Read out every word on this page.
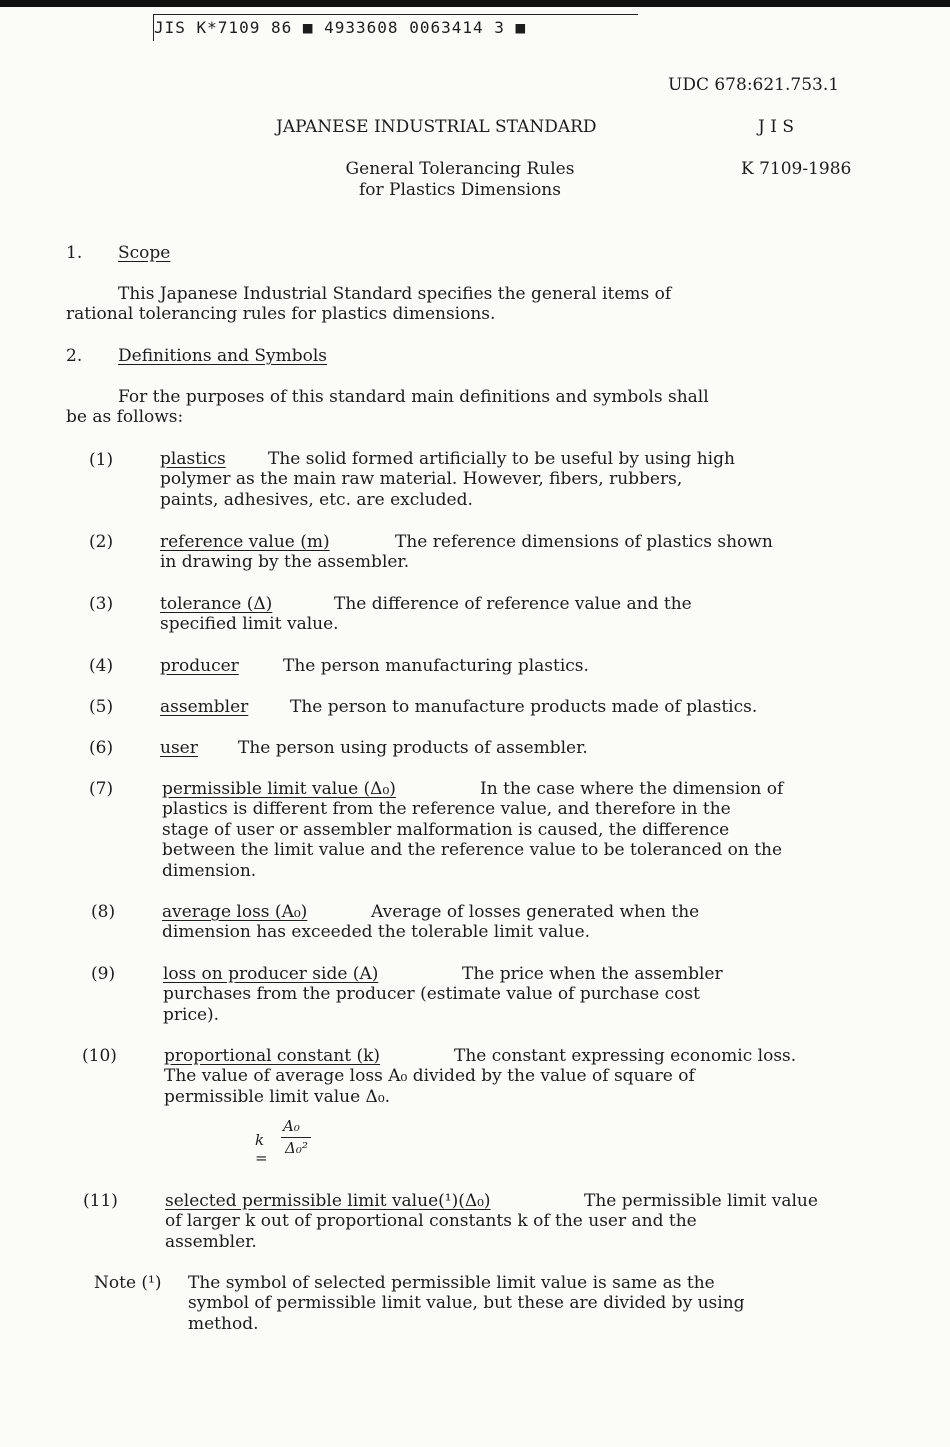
JIS K*7109 86 ■ 4933608 0063414 3 ■
UDC 678:621.753.1
JAPANESE INDUSTRIAL STANDARD	J I S
General Tolerancing Rules
for Plastics Dimensions
K 7109-1986
1. Scope
This Japanese Industrial Standard specifies the general items of
rational tolerancing rules for plastics dimensions.
2. Definitions and Symbols
For the purposes of this standard main definitions and symbols shall
be as follows:
(1)	plastics The solid formed artificially to be useful by using high
polymer as the main raw material. However, fibers, rubbers,
paints, adhesives, etc. are excluded.
(2)	reference value (m)	The reference dimensions of plastics shown
in drawing by the assembler.
(3)	tolerance (Δ)	The difference of reference value and the
specified limit value.
(4)	producer	The person manufacturing plastics.
(5)	assembler The person to manufacture products made of plastics.
(6)	user The person using products of assembler.
(7)	permissible limit value (Δ₀)	In the case where the dimension of
plastics is different from the reference value, and therefore in the
stage of user or assembler malformation is caused, the difference
between the limit value and the reference value to be toleranced on the
dimension.
(8)	average loss (A₀)	Average of losses generated when the
dimension has exceeded the tolerable limit value.
(9)	loss on producer side (A)	The price when the assembler
purchases from the producer (estimate value of purchase cost
price).
(10)	proportional constant (k)	The constant expressing economic loss.
The value of average loss A₀ divided by the value of square of
permissible limit value Δ₀.
(11)	selected permissible limit value(¹)(Δ₀)	The permissible limit value
of larger k out of proportional constants k of the user and the
assembler.
k =
A₀
Δ₀²
Note (¹) The symbol of selected permissible limit value is same as the
symbol of permissible limit value, but these are divided by using
method.
